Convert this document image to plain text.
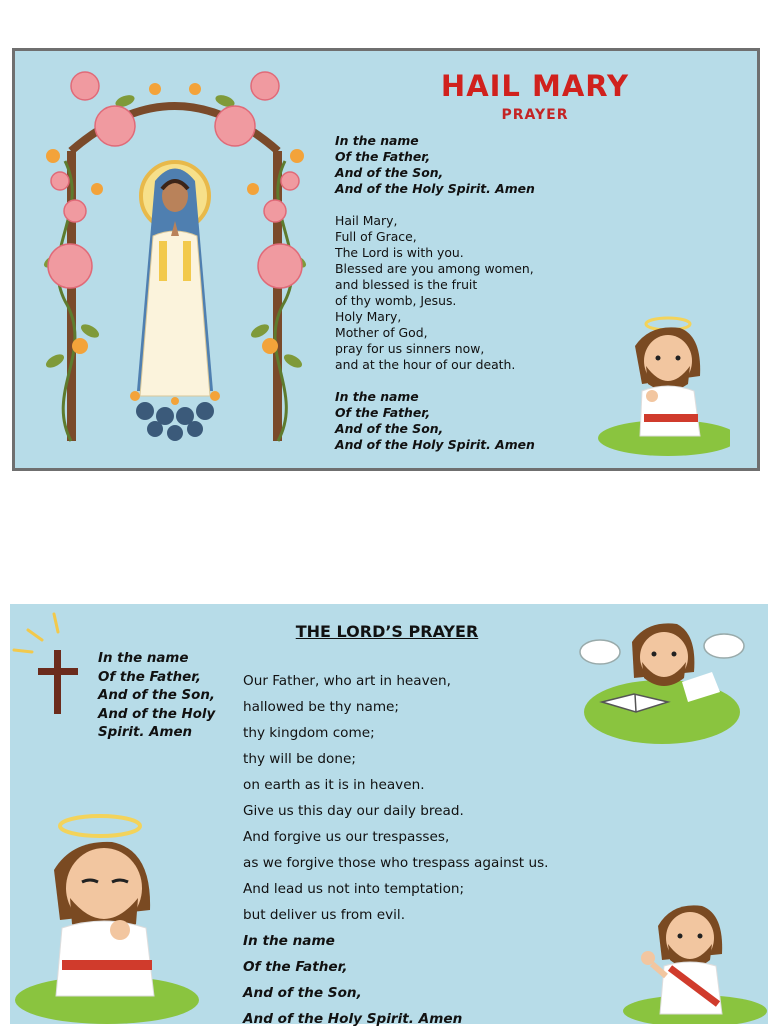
HAIL MARY
PRAYER
In the name
Of the Father,
And of the Son,
And of the Holy Spirit. Amen
Hail Mary,
Full of Grace,
The Lord is with you.
Blessed are you among women,
and blessed is the fruit
of thy womb, Jesus.
Holy Mary,
Mother of God,
pray for us sinners now,
and at the hour of our death.
In the name
Of the Father,
And of the Son,
And of the Holy Spirit. Amen
In the name
Of the Father,
And of the Son,
And of the Holy
Spirit. Amen
THE LORD’S PRAYER
Our Father, who art in heaven,
hallowed be thy name;
thy kingdom come;
thy will be done;
on earth as it is in heaven.
Give us this day our daily bread.
And forgive us our trespasses,
as we forgive those who trespass against us.
And lead us not into temptation;
but deliver us from evil.
In the name
Of the Father,
And of the Son,
And of the Holy Spirit. Amen
